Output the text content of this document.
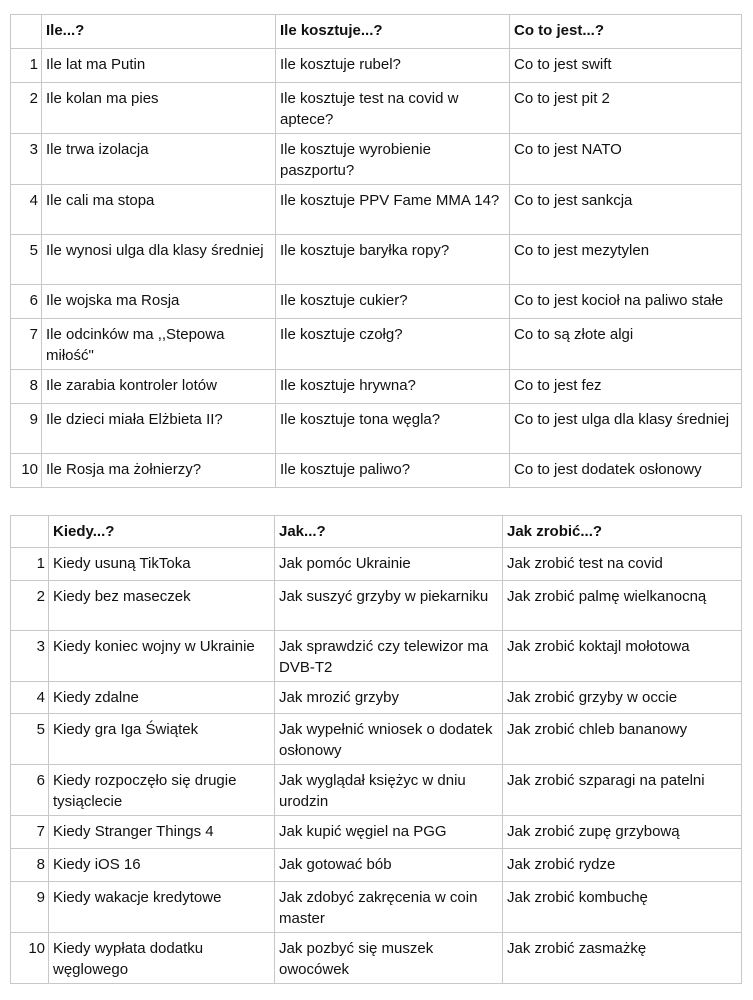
	Ile...?	Ile kosztuje...?	Co to jest...?
1	Ile lat ma Putin	Ile kosztuje rubel?	Co to jest swift
2	Ile kolan ma pies	Ile kosztuje test na covid w aptece?	Co to jest pit 2
3	Ile trwa izolacja	Ile kosztuje wyrobienie paszportu?	Co to jest NATO
4	Ile cali ma stopa	Ile kosztuje PPV Fame MMA 14?	Co to jest sankcja
5	Ile wynosi ulga dla klasy średniej	Ile kosztuje baryłka ropy?	Co to jest mezytylen
6	Ile wojska ma Rosja	Ile kosztuje cukier?	Co to jest kocioł na paliwo stałe
7	Ile odcinków ma ,,Stepowa miłość"	Ile kosztuje czołg?	Co to są złote algi
8	Ile zarabia kontroler lotów	Ile kosztuje hrywna?	Co to jest fez
9	Ile dzieci miała Elżbieta II?	Ile kosztuje tona węgla?	Co to jest ulga dla klasy średniej
10	Ile Rosja ma żołnierzy?	Ile kosztuje paliwo?	Co to jest dodatek osłonowy
	Kiedy...?	Jak...?	Jak zrobić...?
1	Kiedy usuną TikToka	Jak pomóc Ukrainie	Jak zrobić test na covid
2	Kiedy bez maseczek	Jak suszyć grzyby w piekarniku	Jak zrobić palmę wielkanocną
3	Kiedy koniec wojny w Ukrainie	Jak sprawdzić czy telewizor ma DVB-T2	Jak zrobić koktajl mołotowa
4	Kiedy zdalne	Jak mrozić grzyby	Jak zrobić grzyby w occie
5	Kiedy gra Iga Świątek	Jak wypełnić wniosek o dodatek osłonowy	Jak zrobić chleb bananowy
6	Kiedy rozpoczęło się drugie tysiąclecie	Jak wyglądał księżyc w dniu urodzin	Jak zrobić szparagi na patelni
7	Kiedy Stranger Things 4	Jak kupić węgiel na PGG	Jak zrobić zupę grzybową
8	Kiedy iOS 16	Jak gotować bób	Jak zrobić rydze
9	Kiedy wakacje kredytowe	Jak zdobyć zakręcenia w coin master	Jak zrobić kombuchę
10	Kiedy wypłata dodatku węglowego	Jak pozbyć się muszek owocówek	Jak zrobić zasmażkę
